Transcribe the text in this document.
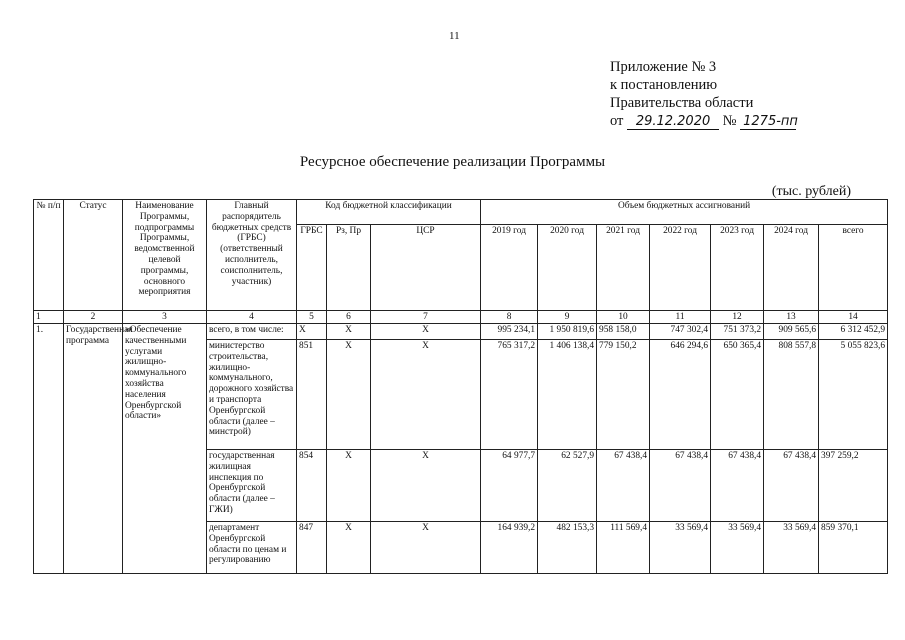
11
Приложение № 3
к постановлению
Правительства области
от 29.12.2020 № 1275-пп
Ресурсное обеспечение реализации Программы
(тыс. рублей)
№ п/п	Статус	Наименование Программы, подпрограммы Программы, ведомственной целевой программы, основного мероприятия	Главный распорядитель бюджетных средств (ГРБС) (ответственный исполнитель, соисполнитель, участник)	Код бюджетной классификации			Объем бюджетных ассигнований						
				ГРБС	Рз, Пр	ЦСР	2019 год	2020 год	2021 год	2022 год	2023 год	2024 год	всего
1	2	3	4	5	6	7	8	9	10	11	12	13	14
1.	Государственная программа	«Обеспечение качественными услугами жилищно-коммунального хозяйства населения Оренбургской области»	всего, в том числе:	X	X	X	995 234,1	1 950 819,6	958 158,0	747 302,4	751 373,2	909 565,6	6 312 452,9
			министерство строительства, жилищно-коммунального, дорожного хозяйства и транспорта Оренбургской области (далее – минстрой)	851	X	X	765 317,2	1 406 138,4	779 150,2	646 294,6	650 365,4	808 557,8	5 055 823,6
			государственная жилищная инспекция по Оренбургской области (далее – ГЖИ)	854	X	X	64 977,7	62 527,9	67 438,4	67 438,4	67 438,4	67 438,4	397 259,2
			департамент Оренбургской области по ценам и регулированию	847	X	X	164 939,2	482 153,3	111 569,4	33 569,4	33 569,4	33 569,4	859 370,1
